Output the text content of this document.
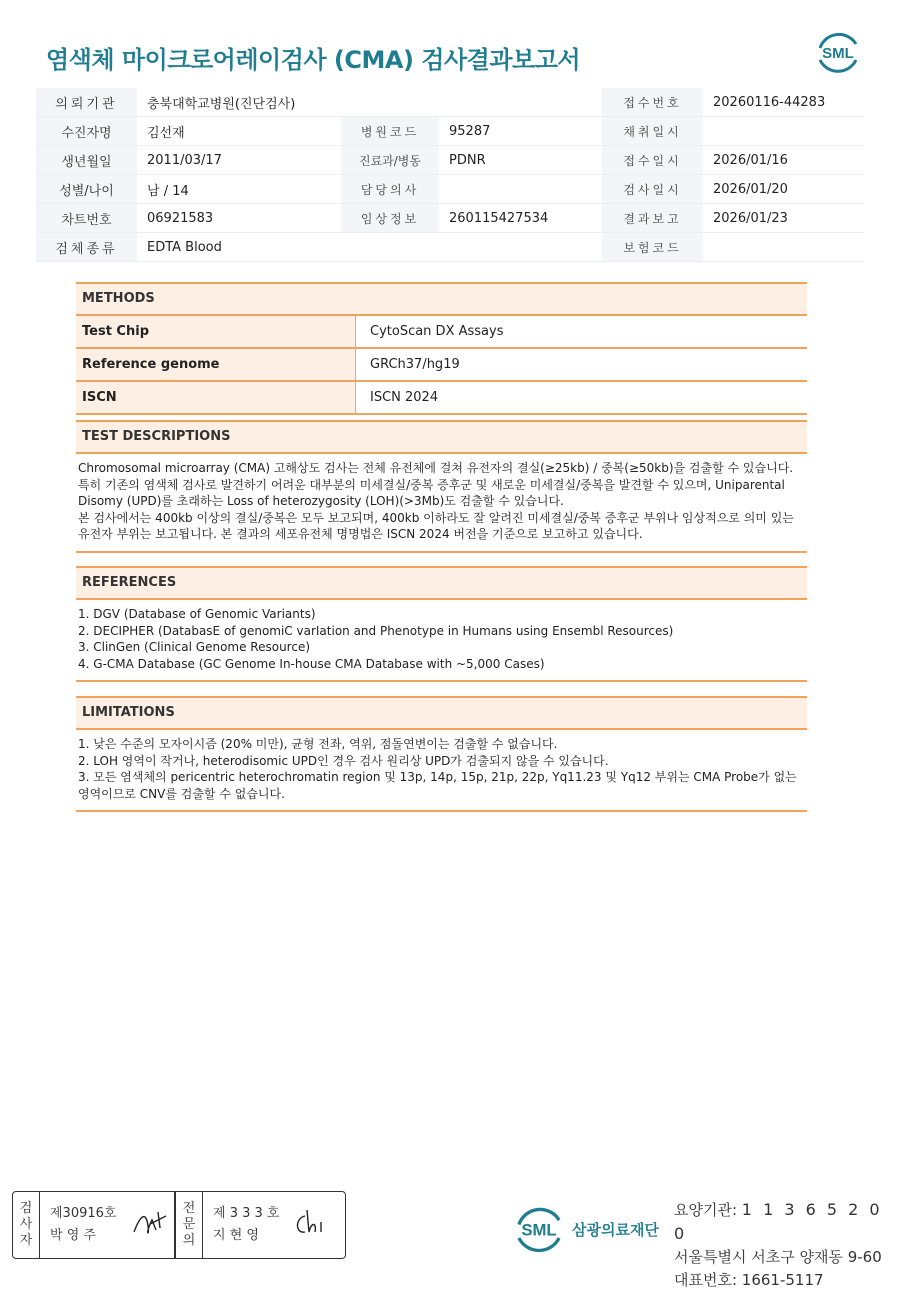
염색체 마이크로어레이검사 (CMA) 검사결과보고서	SML
의뢰기관	충북대학교병원(진단검사)			접수번호	20260116-44283
수진자명	김선재	병원코드	95287	채취일시	
생년월일	2011/03/17	진료과/병동	PDNR	접수일시	2026/01/16
성별/나이	남 / 14	담당의사		검사일시	2026/01/20
차트번호	06921583	임상정보	260115427534	결과보고	2026/01/23
검체종류	EDTA Blood			보험코드	
METHODS
Test Chip	CytoScan DX Assays
Reference genome	GRCh37/hg19
ISCN	ISCN 2024
TEST DESCRIPTIONS

Chromosomal microarray (CMA) 고해상도 검사는 전체 유전체에 걸쳐 유전자의 결실(≥25kb) / 중복(≥50kb)을 검출할 수 있습니다.

특히 기존의 염색체 검사로 발견하기 어려운 대부분의 미세결실/중복 증후군 및 새로운 미세결실/중복을 발견할 수 있으며, Uniparental Disomy (UPD)를 초래하는 Loss of heterozygosity (LOH)(>3Mb)도 검출할 수 있습니다.

본 검사에서는 400kb 이상의 결실/중복은 모두 보고되며, 400kb 이하라도 잘 알려진 미세결실/중복 증후군 부위나 임상적으로 의미 있는 유전자 부위는 보고됩니다. 본 결과의 세포유전체 명명법은 ISCN 2024 버전을 기준으로 보고하고 있습니다.

REFERENCES

1. DGV (Database of Genomic Variants)

2. DECIPHER (DatabasE of genomiC varIation and Phenotype in Humans using Ensembl Resources)

3. ClinGen (Clinical Genome Resource)

4. G-CMA Database (GC Genome In-house CMA Database with ~5,000 Cases)

LIMITATIONS

1. 낮은 수준의 모자이시즘 (20% 미만), 균형 전좌, 역위, 점돌연변이는 검출할 수 없습니다.

2. LOH 영역이 작거나, heterodisomic UPD인 경우 검사 원리상 UPD가 검출되지 않을 수 있습니다.

3. 모든 염색체의 pericentric heterochromatin region 및 13p, 14p, 15p, 21p, 22p, Yq11.23 및 Yq12 부위는 CMA Probe가 없는 영역이므로 CNV를 검출할 수 없습니다.

검
사
자
제30916호
박 영 주
전
문
의
제 3 3 3 호
지 현 영	SML 삼광의료재단
요양기관: 1 1 3 6 5 2 0 0
서울특별시 서초구 양재동 9-60
대표번호: 1661-5117
